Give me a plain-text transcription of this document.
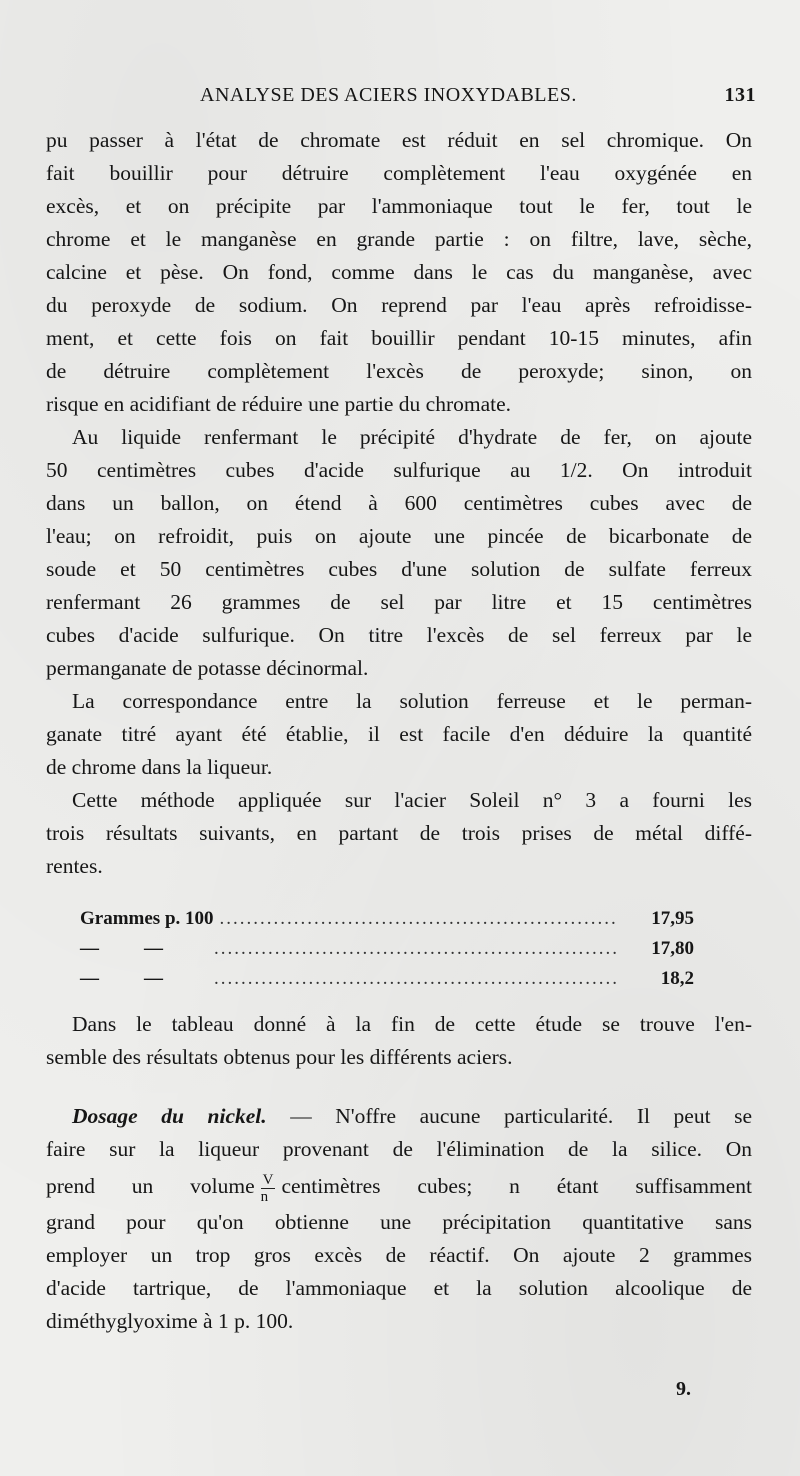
ANALYSE DES ACIERS INOXYDABLES.	131

pu passer à l'état de chromate est réduit en sel chromique. On

fait bouillir pour détruire complètement l'eau oxygénée en

excès, et on précipite par l'ammoniaque tout le fer, tout le

chrome et le manganèse en grande partie : on filtre, lave, sèche,

calcine et pèse. On fond, comme dans le cas du manganèse, avec

du peroxyde de sodium. On reprend par l'eau après refroidisse-

ment, et cette fois on fait bouillir pendant 10-15 minutes, afin

de détruire complètement l'excès de peroxyde; sinon, on

risque en acidifiant de réduire une partie du chromate.

Au liquide renfermant le précipité d'hydrate de fer, on ajoute

50 centimètres cubes d'acide sulfurique au 1/2. On introduit

dans un ballon, on étend à 600 centimètres cubes avec de

l'eau; on refroidit, puis on ajoute une pincée de bicarbonate de

soude et 50 centimètres cubes d'une solution de sulfate ferreux

renfermant 26 grammes de sel par litre et 15 centimètres

cubes d'acide sulfurique. On titre l'excès de sel ferreux par le

permanganate de potasse décinormal.

La correspondance entre la solution ferreuse et le perman-

ganate titré ayant été établie, il est facile d'en déduire la quantité

de chrome dans la liqueur.

Cette méthode appliquée sur l'acier Soleil n° 3 a fourni les

trois résultats suivants, en partant de trois prises de métal diffé-

rentes.

Grammes p. 100 .....	17,95
— — .....	17,80
— — .....	18,2

Dans le tableau donné à la fin de cette étude se trouve l'en-

semble des résultats obtenus pour les différents aciers.

Dosage du nickel. — N'offre aucune particularité. Il peut se

faire sur la liqueur provenant de l'élimination de la silice. On

prend un volume $\frac{V}{n}$ centimètres cubes; n étant suffisamment

grand pour qu'on obtienne une précipitation quantitative sans

employer un trop gros excès de réactif. On ajoute 2 grammes

d'acide tartrique, de l'ammoniaque et la solution alcoolique de

diméthyglyoxime à 1 p. 100.

9.
